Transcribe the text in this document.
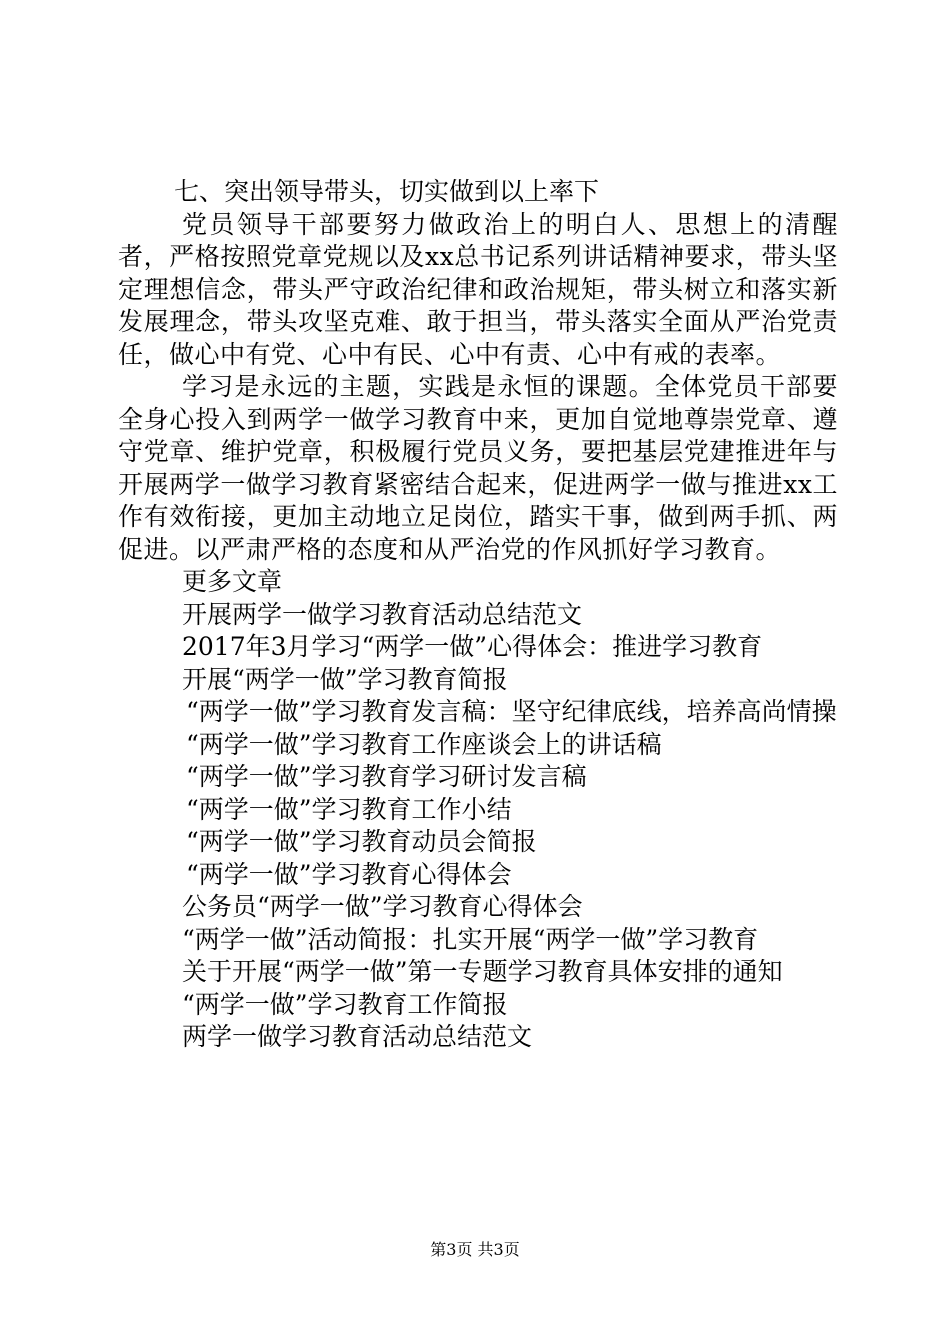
七、突出领导带头，切实做到以上率下

党员领导干部要努力做政治上的明白人、思想上的清醒者，严格按照党章党规以及xx总书记系列讲话精神要求，带头坚定理想信念，带头严守政治纪律和政治规矩，带头树立和落实新发展理念，带头攻坚克难、敢于担当，带头落实全面从严治党责任，做心中有党、心中有民、心中有责、心中有戒的表率。

学习是永远的主题，实践是永恒的课题。全体党员干部要全身心投入到两学一做学习教育中来，更加自觉地尊崇党章、遵守党章、维护党章，积极履行党员义务，要把基层党建推进年与开展两学一做学习教育紧密结合起来，促进两学一做与推进xx工作有效衔接，更加主动地立足岗位，踏实干事，做到两手抓、两促进。以严肃严格的态度和从严治党的作风抓好学习教育。

更多文章

开展两学一做学习教育活动总结范文
2017年3月学习“两学一做”心得体会：推进学习教育
开展“两学一做”学习教育简报
“两学一做”学习教育发言稿：坚守纪律底线，培养高尚情操
“两学一做”学习教育工作座谈会上的讲话稿
“两学一做”学习教育学习研讨发言稿
“两学一做”学习教育工作小结
“两学一做”学习教育动员会简报
“两学一做”学习教育心得体会
公务员“两学一做”学习教育心得体会
“两学一做”活动简报：扎实开展“两学一做”学习教育
关于开展“两学一做”第一专题学习教育具体安排的通知
“两学一做”学习教育工作简报
两学一做学习教育活动总结范文
第3页 共3页
